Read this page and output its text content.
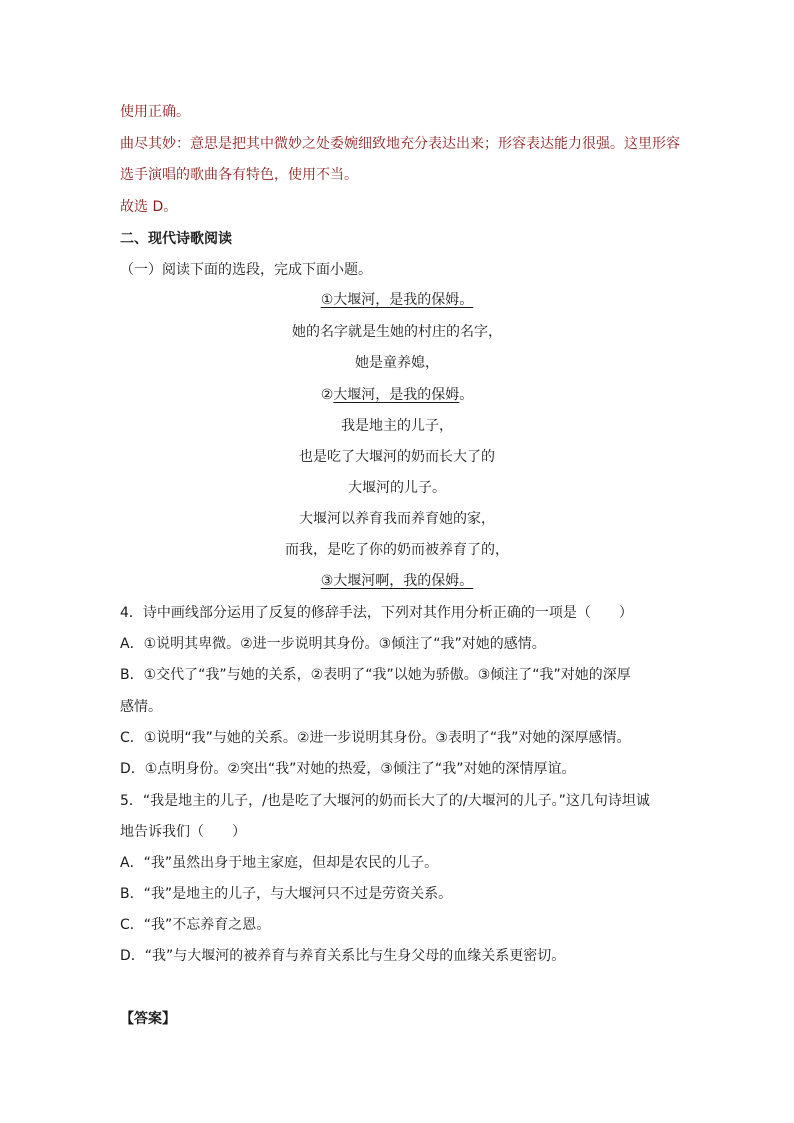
使用正确。
曲尽其妙：意思是把其中微妙之处委婉细致地充分表达出来；形容表达能力很强。这里形容
选手演唱的歌曲各有特色，使用不当。
故选 D。
二、现代诗歌阅读
（一）阅读下面的选段，完成下面小题。
①大堰河，是我的保姆。
她的名字就是生她的村庄的名字，
她是童养媳，
②大堰河，是我的保姆。
我是地主的儿子，
也是吃了大堰河的奶而长大了的
大堰河的儿子。
大堰河以养育我而养育她的家，
而我，是吃了你的奶而被养育了的，
③大堰河啊，我的保姆。
4．诗中画线部分运用了反复的修辞手法，下列对其作用分析正确的一项是（　　）
A．①说明其卑微。②进一步说明其身份。③倾注了“我”对她的感情。
B．①交代了“我”与她的关系，②表明了“我”以她为骄傲。③倾注了“我”对她的深厚
感情。
C．①说明“我”与她的关系。②进一步说明其身份。③表明了“我”对她的深厚感情。
D．①点明身份。②突出“我”对她的热爱，③倾注了“我”对她的深情厚谊。
5．“我是地主的儿子，/也是吃了大堰河的奶而长大了的/大堰河的儿子。”这几句诗坦诚
地告诉我们（　　）
A．“我”虽然出身于地主家庭，但却是农民的儿子。
B．“我”是地主的儿子，与大堰河只不过是劳资关系。
C．“我”不忘养育之恩。
D．“我”与大堰河的被养育与养育关系比与生身父母的血缘关系更密切。
【答案】
